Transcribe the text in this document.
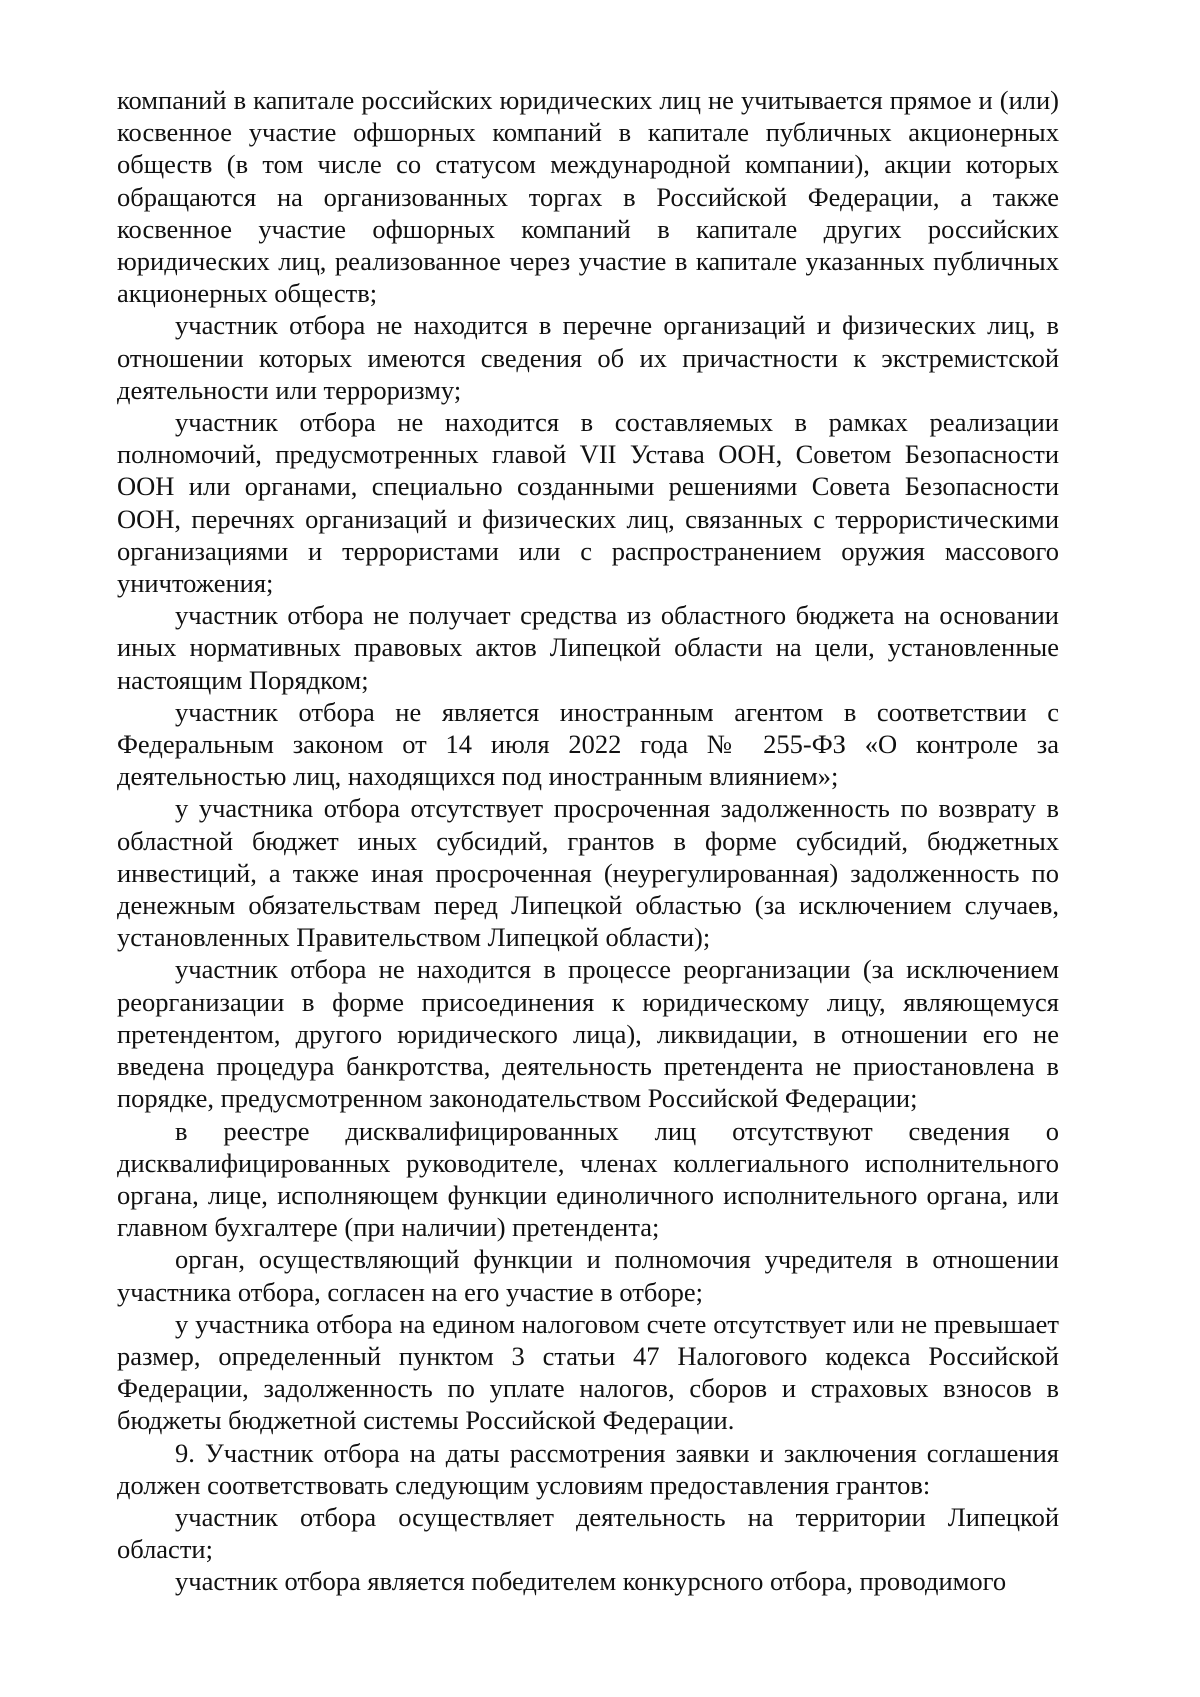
компаний в капитале российских юридических лиц не учитывается прямое и (или) косвенное участие офшорных компаний в капитале публичных акционерных обществ (в том числе со статусом международной компании), акции которых обращаются на организованных торгах в Российской Федерации, а также косвенное участие офшорных компаний в капитале других российских юридических лиц, реализованное через участие в капитале указанных публичных акционерных обществ;

участник отбора не находится в перечне организаций и физических лиц, в отношении которых имеются сведения об их причастности к экстремистской деятельности или терроризму;

участник отбора не находится в составляемых в рамках реализации полномочий, предусмотренных главой VII Устава ООН, Советом Безопасности ООН или органами, специально созданными решениями Совета Безопасности ООН, перечнях организаций и физических лиц, связанных с террористическими организациями и террористами или с распространением оружия массового уничтожения;

участник отбора не получает средства из областного бюджета на основании иных нормативных правовых актов Липецкой области на цели, установленные настоящим Порядком;

участник отбора не является иностранным агентом в соответствии с Федеральным законом от 14 июля 2022 года № 255-ФЗ «О контроле за деятельностью лиц, находящихся под иностранным влиянием»;

у участника отбора отсутствует просроченная задолженность по возврату в областной бюджет иных субсидий, грантов в форме субсидий, бюджетных инвестиций, а также иная просроченная (неурегулированная) задолженность по денежным обязательствам перед Липецкой областью (за исключением случаев, установленных Правительством Липецкой области);

участник отбора не находится в процессе реорганизации (за исключением реорганизации в форме присоединения к юридическому лицу, являющемуся претендентом, другого юридического лица), ликвидации, в отношении его не введена процедура банкротства, деятельность претендента не приостановлена в порядке, предусмотренном законодательством Российской Федерации;

в реестре дисквалифицированных лиц отсутствуют сведения о дисквалифицированных руководителе, членах коллегиального исполнительного органа, лице, исполняющем функции единоличного исполнительного органа, или главном бухгалтере (при наличии) претендента;

орган, осуществляющий функции и полномочия учредителя в отношении участника отбора, согласен на его участие в отборе;

у участника отбора на едином налоговом счете отсутствует или не превышает размер, определенный пунктом 3 статьи 47 Налогового кодекса Российской Федерации, задолженность по уплате налогов, сборов и страховых взносов в бюджеты бюджетной системы Российской Федерации.

9. Участник отбора на даты рассмотрения заявки и заключения соглашения должен соответствовать следующим условиям предоставления грантов:

участник отбора осуществляет деятельность на территории Липецкой области;

участник отбора является победителем конкурсного отбора, проводимого
